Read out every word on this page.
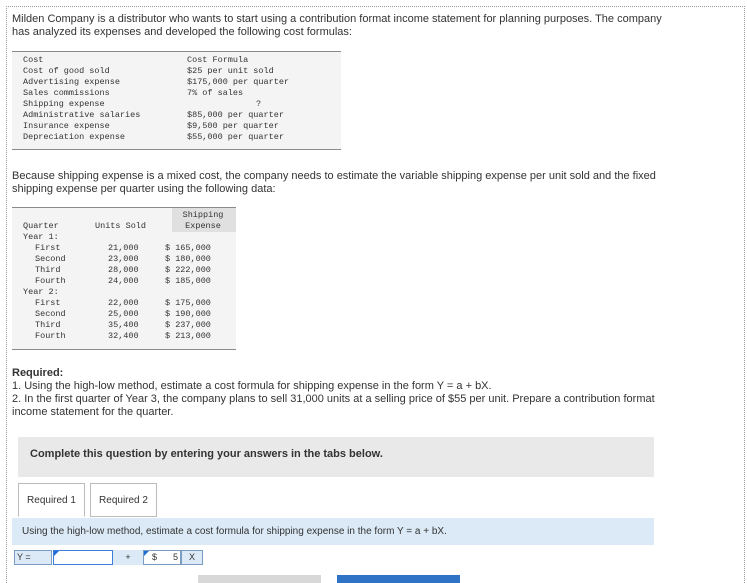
Milden Company is a distributor who wants to start using a contribution format income statement for planning purposes. The company
has analyzed its expenses and developed the following cost formulas:
Cost	Cost Formula
Cost of good sold	$25 per unit sold
Advertising expense	$175,000 per quarter
Sales commissions	7% of sales
Shipping expense	?
Administrative salaries	$85,000 per quarter
Insurance expense	$9,500 per quarter
Depreciation expense	$55,000 per quarter
Because shipping expense is a mixed cost, the company needs to estimate the variable shipping expense per unit sold and the fixed
shipping expense per quarter using the following data:
Shipping
Expense
Quarter	Units Sold
Year 1:
First	21,000	$ 165,000
Second	23,000	$ 180,000
Third	28,000	$ 222,000
Fourth	24,000	$ 185,000
Year 2:
First	22,000	$ 175,000
Second	25,000	$ 190,000
Third	35,400	$ 237,000
Fourth	32,400	$ 213,000
Required:
1. Using the high-low method, estimate a cost formula for shipping expense in the form Y = a + bX.
2. In the first quarter of Year 3, the company plans to sell 31,000 units at a selling price of $55 per unit. Prepare a contribution format
income statement for the quarter.
Complete this question by entering your answers in the tabs below.
Required 1	Required 2
Using the high-low method, estimate a cost formula for shipping expense in the form Y = a + bX.
Y =	+	$ 5	X
